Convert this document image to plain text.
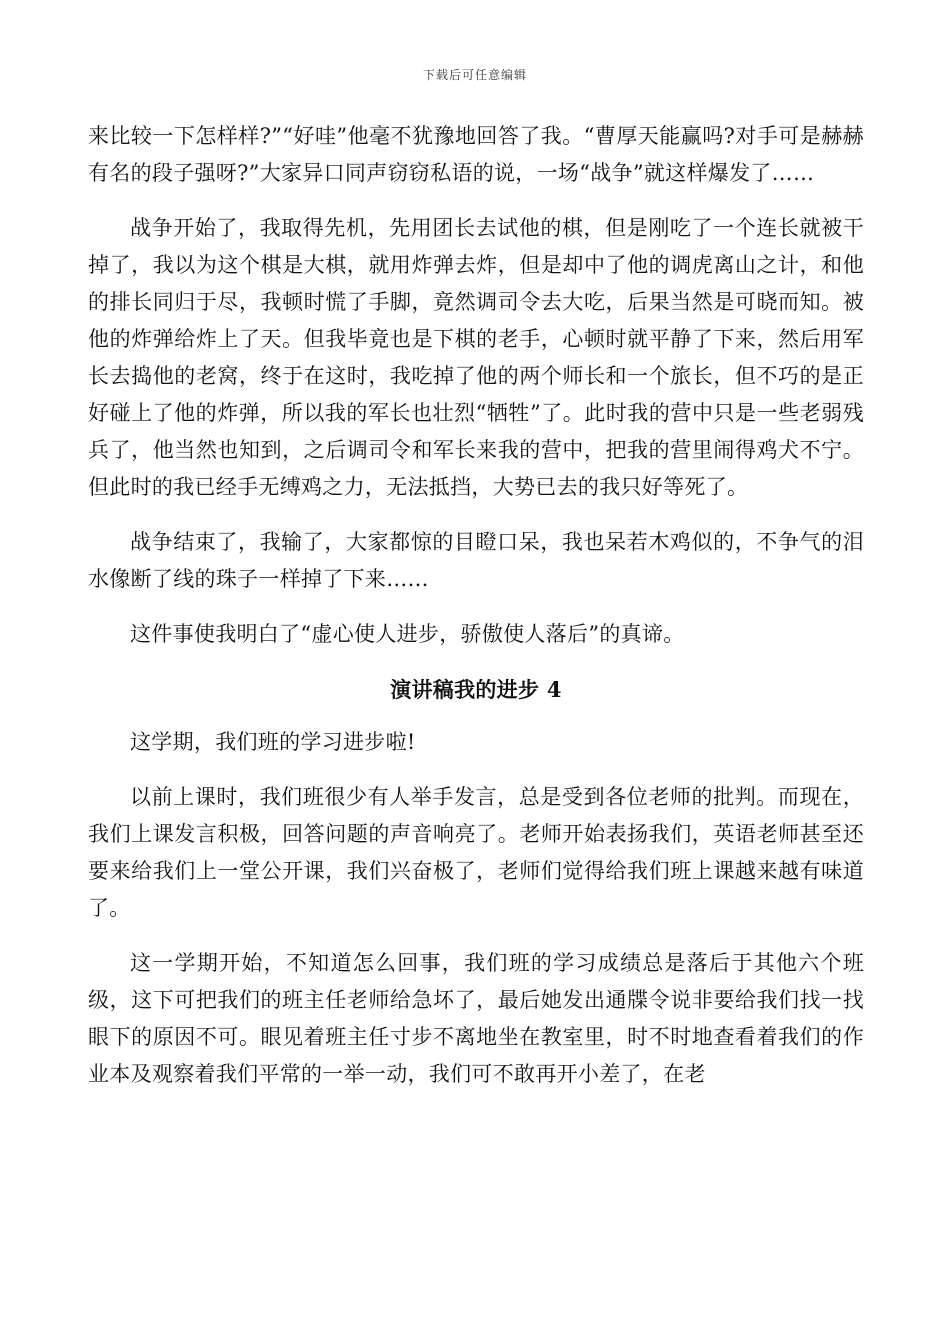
下载后可任意编辑

来比较一下怎样样?”“好哇”他毫不犹豫地回答了我。“曹厚天能赢吗?对手可是赫赫有名的段子强呀?”大家异口同声窃窃私语的说，一场“战争”就这样爆发了……

战争开始了，我取得先机，先用团长去试他的棋，但是刚吃了一个连长就被干掉了，我以为这个棋是大棋，就用炸弹去炸，但是却中了他的调虎离山之计，和他的排长同归于尽，我顿时慌了手脚，竟然调司令去大吃，后果当然是可晓而知。被他的炸弹给炸上了天。但我毕竟也是下棋的老手，心顿时就平静了下来，然后用军长去捣他的老窝，终于在这时，我吃掉了他的两个师长和一个旅长，但不巧的是正好碰上了他的炸弹，所以我的军长也壮烈“牺牲”了。此时我的营中只是一些老弱残兵了，他当然也知到，之后调司令和军长来我的营中，把我的营里闹得鸡犬不宁。但此时的我已经手无缚鸡之力，无法抵挡，大势已去的我只好等死了。

战争结束了，我输了，大家都惊的目瞪口呆，我也呆若木鸡似的，不争气的泪水像断了线的珠子一样掉了下来……

这件事使我明白了“虚心使人进步，骄傲使人落后”的真谛。

演讲稿我的进步 4

这学期，我们班的学习进步啦!

以前上课时，我们班很少有人举手发言，总是受到各位老师的批判。而现在，我们上课发言积极，回答问题的声音响亮了。老师开始表扬我们，英语老师甚至还要来给我们上一堂公开课，我们兴奋极了，老师们觉得给我们班上课越来越有味道了。

这一学期开始，不知道怎么回事，我们班的学习成绩总是落后于其他六个班级，这下可把我们的班主任老师给急坏了，最后她发出通牒令说非要给我们找一找眼下的原因不可。眼见着班主任寸步不离地坐在教室里，时不时地查看着我们的作业本及观察着我们平常的一举一动，我们可不敢再开小差了，在老
